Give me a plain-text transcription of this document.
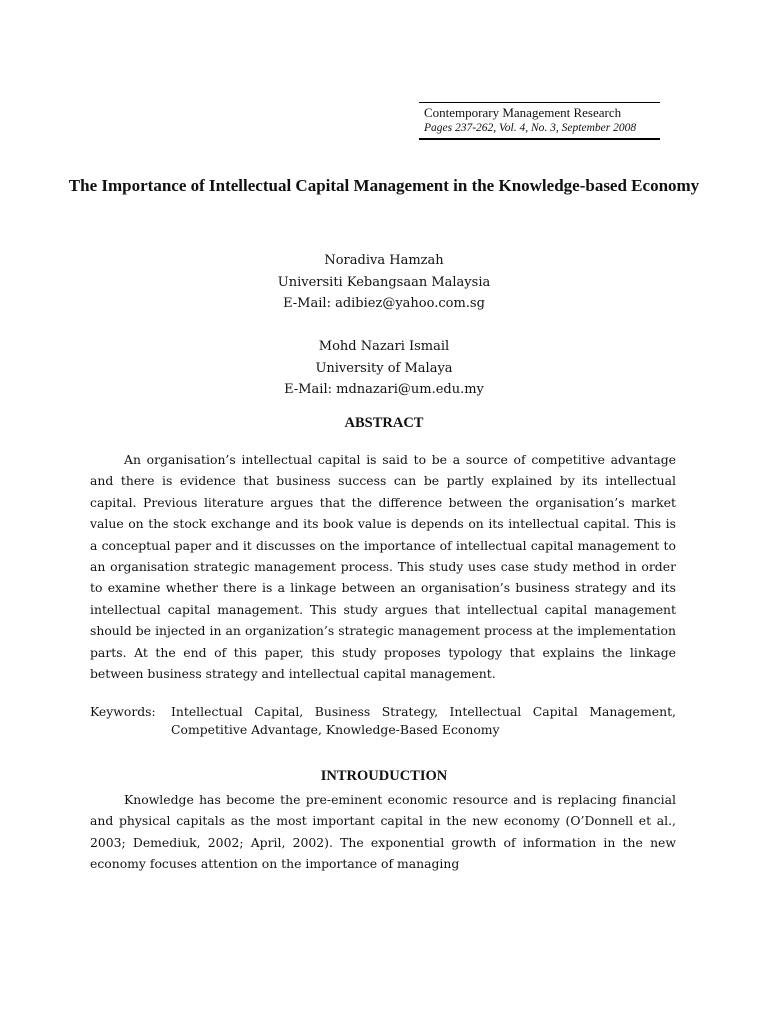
Contemporary Management Research
Pages 237-262, Vol. 4, No. 3, September 2008
The Importance of Intellectual Capital Management in the Knowledge-based Economy
Noradiva Hamzah
Universiti Kebangsaan Malaysia
E-Mail: adibiez@yahoo.com.sg
Mohd Nazari Ismail
University of Malaya
E-Mail: mdnazari@um.edu.my
ABSTRACT

An organisation’s intellectual capital is said to be a source of competitive advantage and there is evidence that business success can be partly explained by its intellectual capital. Previous literature argues that the difference between the organisation’s market value on the stock exchange and its book value is depends on its intellectual capital. This is a conceptual paper and it discusses on the importance of intellectual capital management to an organisation strategic management process. This study uses case study method in order to examine whether there is a linkage between an organisation’s business strategy and its intellectual capital management. This study argues that intellectual capital management should be injected in an organization’s strategic management process at the implementation parts. At the end of this paper, this study proposes typology that explains the linkage between business strategy and intellectual capital management.

Keywords:	Intellectual Capital, Business Strategy, Intellectual Capital Management, Competitive Advantage, Knowledge-Based Economy
INTROUDUCTION

Knowledge has become the pre-eminent economic resource and is replacing financial and physical capitals as the most important capital in the new economy (O’Donnell et al., 2003; Demediuk, 2002; April, 2002). The exponential growth of information in the new economy focuses attention on the importance of managing
